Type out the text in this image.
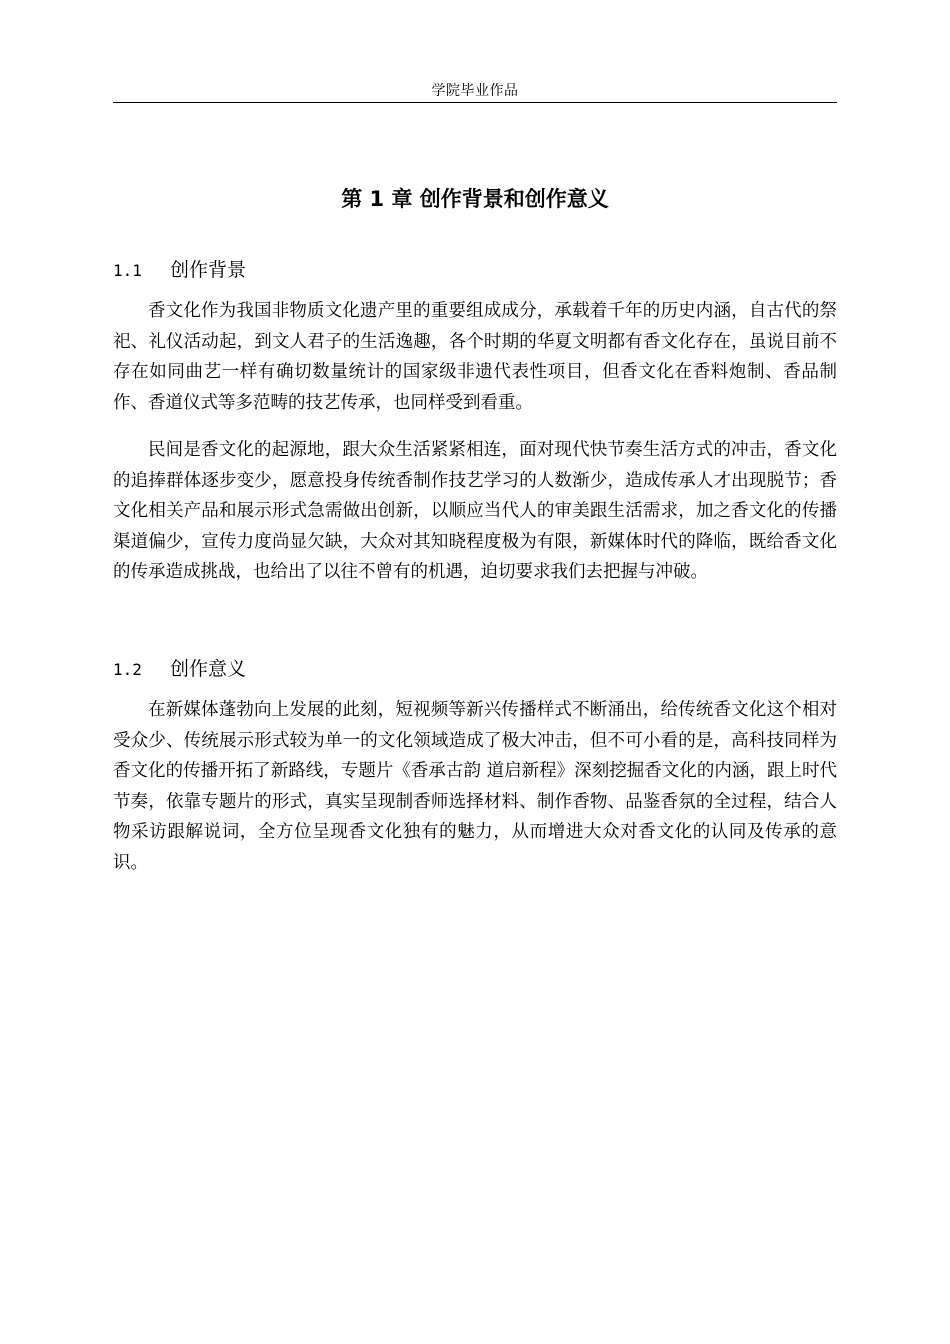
学院毕业作品
第 1 章 创作背景和创作意义
1.1 创作背景

香文化作为我国非物质文化遗产里的重要组成成分，承载着千年的历史内涵，自古代的祭祀、礼仪活动起，到文人君子的生活逸趣，各个时期的华夏文明都有香文化存在，虽说目前不存在如同曲艺一样有确切数量统计的国家级非遗代表性项目，但香文化在香料炮制、香品制作、香道仪式等多范畴的技艺传承，也同样受到看重。

民间是香文化的起源地，跟大众生活紧紧相连，面对现代快节奏生活方式的冲击，香文化的追捧群体逐步变少，愿意投身传统香制作技艺学习的人数渐少，造成传承人才出现脱节；香文化相关产品和展示形式急需做出创新，以顺应当代人的审美跟生活需求，加之香文化的传播渠道偏少，宣传力度尚显欠缺，大众对其知晓程度极为有限，新媒体时代的降临，既给香文化的传承造成挑战，也给出了以往不曾有的机遇，迫切要求我们去把握与冲破。

1.2 创作意义

在新媒体蓬勃向上发展的此刻，短视频等新兴传播样式不断涌出，给传统香文化这个相对受众少、传统展示形式较为单一的文化领域造成了极大冲击，但不可小看的是，高科技同样为香文化的传播开拓了新路线，专题片《香承古韵 道启新程》深刻挖掘香文化的内涵，跟上时代节奏，依靠专题片的形式，真实呈现制香师选择材料、制作香物、品鉴香氛的全过程，结合人物采访跟解说词，全方位呈现香文化独有的魅力，从而增进大众对香文化的认同及传承的意识。
